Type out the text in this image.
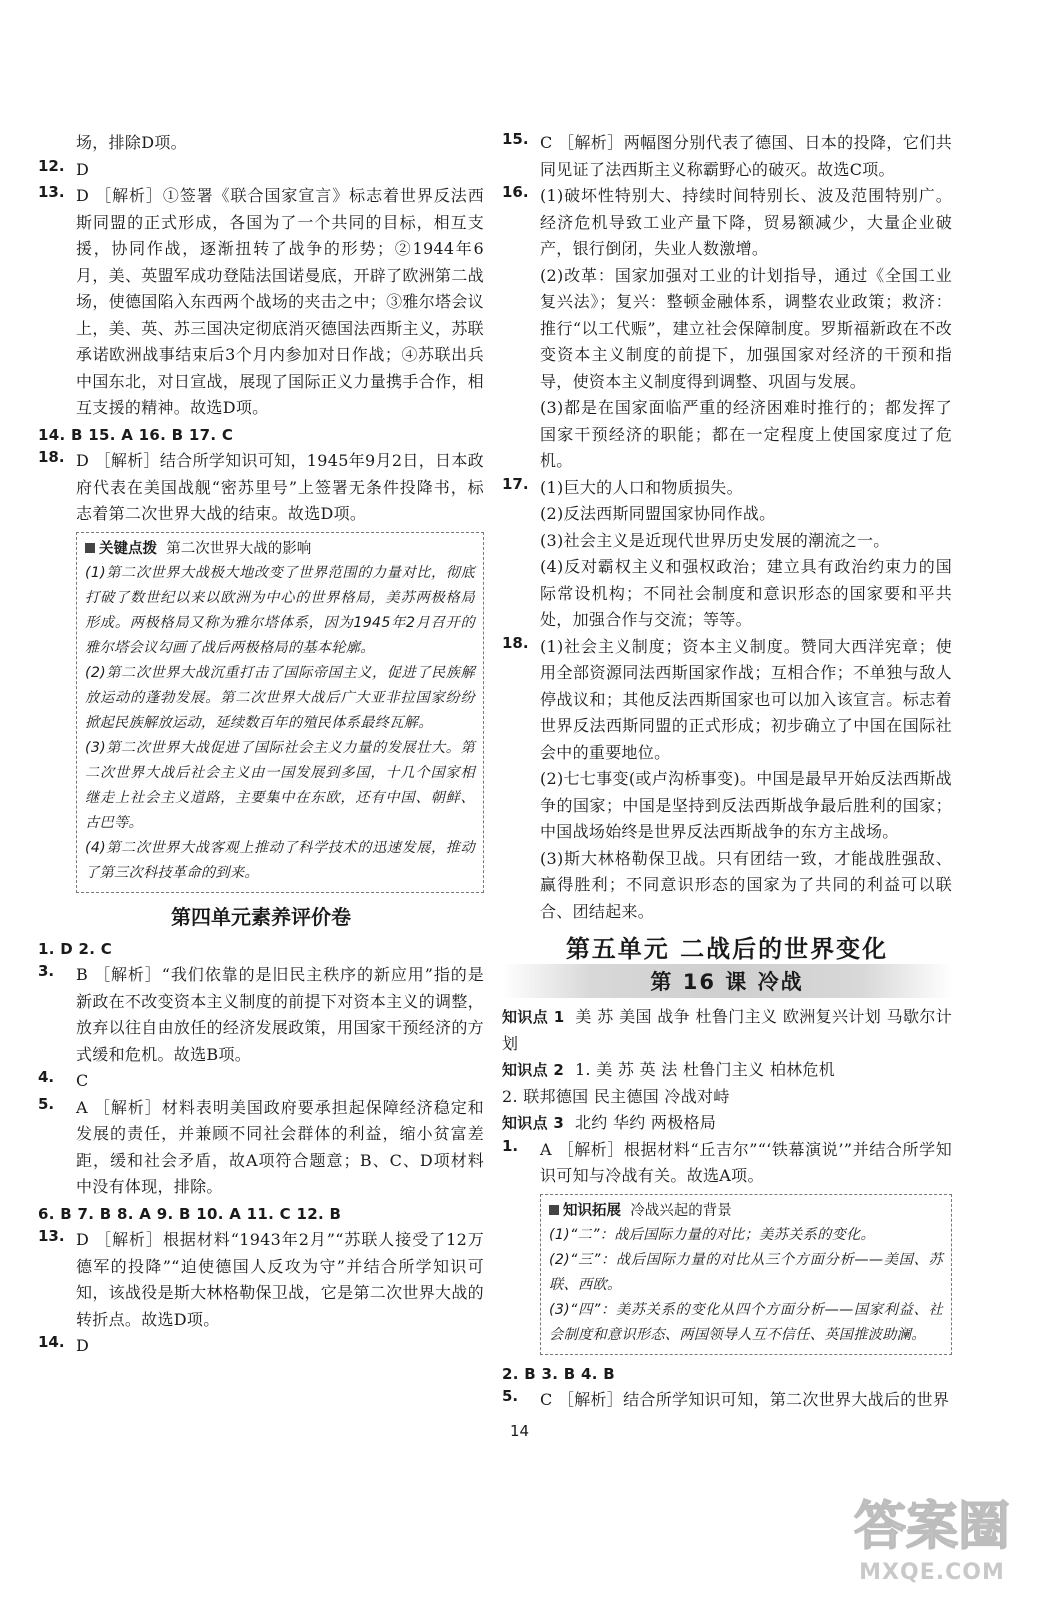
场，排除D项。

12. D

13. D ［解析］①签署《联合国家宣言》标志着世界反法西斯同盟的正式形成，各国为了一个共同的目标，相互支援，协同作战，逐渐扭转了战争的形势；②1944年6月，美、英盟军成功登陆法国诺曼底，开辟了欧洲第二战场，使德国陷入东西两个战场的夹击之中；③雅尔塔会议上，美、英、苏三国决定彻底消灭德国法西斯主义，苏联承诺欧洲战事结束后3个月内参加对日作战；④苏联出兵中国东北，对日宣战，展现了国际正义力量携手合作，相互支援的精神。故选D项。

14. B 15. A 16. B 17. C

18. D ［解析］结合所学知识可知，1945年9月2日，日本政府代表在美国战舰“密苏里号”上签署无条件投降书，标志着第二次世界大战的结束。故选D项。

关键点拨 第二次世界大战的影响

(1)第二次世界大战极大地改变了世界范围的力量对比，彻底打破了数世纪以来以欧洲为中心的世界格局，美苏两极格局形成。两极格局又称为雅尔塔体系，因为1945年2月召开的雅尔塔会议勾画了战后两极格局的基本轮廓。

(2)第二次世界大战沉重打击了国际帝国主义，促进了民族解放运动的蓬勃发展。第二次世界大战后广大亚非拉国家纷纷掀起民族解放运动，延续数百年的殖民体系最终瓦解。

(3)第二次世界大战促进了国际社会主义力量的发展壮大。第二次世界大战后社会主义由一国发展到多国，十几个国家相继走上社会主义道路，主要集中在东欧，还有中国、朝鲜、古巴等。

(4)第二次世界大战客观上推动了科学技术的迅速发展，推动了第三次科技革命的到来。

第四单元素养评价卷

1. D 2. C

3.	B ［解析］“我们依靠的是旧民主秩序的新应用”指的是新政在不改变资本主义制度的前提下对资本主义的调整，放弃以往自由放任的经济发展政策，用国家干预经济的方式缓和危机。故选B项。

4.	C

5.	A ［解析］材料表明美国政府要承担起保障经济稳定和发展的责任，并兼顾不同社会群体的利益，缩小贫富差距，缓和社会矛盾，故A项符合题意；B、C、D项材料中没有体现，排除。

6. B 7. B 8. A 9. B 10. A 11. C 12. B

13. D ［解析］根据材料“1943年2月”“苏联人接受了12万德军的投降”“迫使德国人反攻为守”并结合所学知识可知，该战役是斯大林格勒保卫战，它是第二次世界大战的转折点。故选D项。

14. D

15. C ［解析］两幅图分别代表了德国、日本的投降，它们共同见证了法西斯主义称霸野心的破灭。故选C项。

16. (1)破坏性特别大、持续时间特别长、波及范围特别广。经济危机导致工业产量下降，贸易额减少，大量企业破产，银行倒闭，失业人数激增。

(2)改革：国家加强对工业的计划指导，通过《全国工业复兴法》；复兴：整顿金融体系，调整农业政策；救济：推行“以工代赈”，建立社会保障制度。罗斯福新政在不改变资本主义制度的前提下，加强国家对经济的干预和指导，使资本主义制度得到调整、巩固与发展。

(3)都是在国家面临严重的经济困难时推行的；都发挥了国家干预经济的职能；都在一定程度上使国家度过了危机。

17. (1)巨大的人口和物质损失。

(2)反法西斯同盟国家协同作战。

(3)社会主义是近现代世界历史发展的潮流之一。

(4)反对霸权主义和强权政治；建立具有政治约束力的国际常设机构；不同社会制度和意识形态的国家要和平共处，加强合作与交流；等等。

18. (1)社会主义制度；资本主义制度。赞同大西洋宪章；使用全部资源同法西斯国家作战；互相合作；不单独与敌人停战议和；其他反法西斯国家也可以加入该宣言。标志着世界反法西斯同盟的正式形成；初步确立了中国在国际社会中的重要地位。

(2)七七事变(或卢沟桥事变)。中国是最早开始反法西斯战争的国家；中国是坚持到反法西斯战争最后胜利的国家；中国战场始终是世界反法西斯战争的东方主战场。

(3)斯大林格勒保卫战。只有团结一致，才能战胜强敌、赢得胜利；不同意识形态的国家为了共同的利益可以联合、团结起来。

第五单元 二战后的世界变化
第 16 课 冷战

知识点 1 美 苏 美国 战争 杜鲁门主义 欧洲复兴计划 马歇尔计划

知识点 2 1. 美 苏 英 法 杜鲁门主义 柏林危机

2. 联邦德国 民主德国 冷战对峙

知识点 3 北约 华约 两极格局

1.	A ［解析］根据材料“丘吉尔”“‘铁幕演说’”并结合所学知识可知与冷战有关。故选A项。

知识拓展 冷战兴起的背景

(1)“二”：战后国际力量的对比；美苏关系的变化。

(2)“三”：战后国际力量的对比从三个方面分析——美国、苏联、西欧。

(3)“四”：美苏关系的变化从四个方面分析——国家利益、社会制度和意识形态、两国领导人互不信任、英国推波助澜。

2. B 3. B 4. B

5.	C ［解析］结合所学知识可知，第二次世界大战后的世界

14
答案圈
MXQE.COM
